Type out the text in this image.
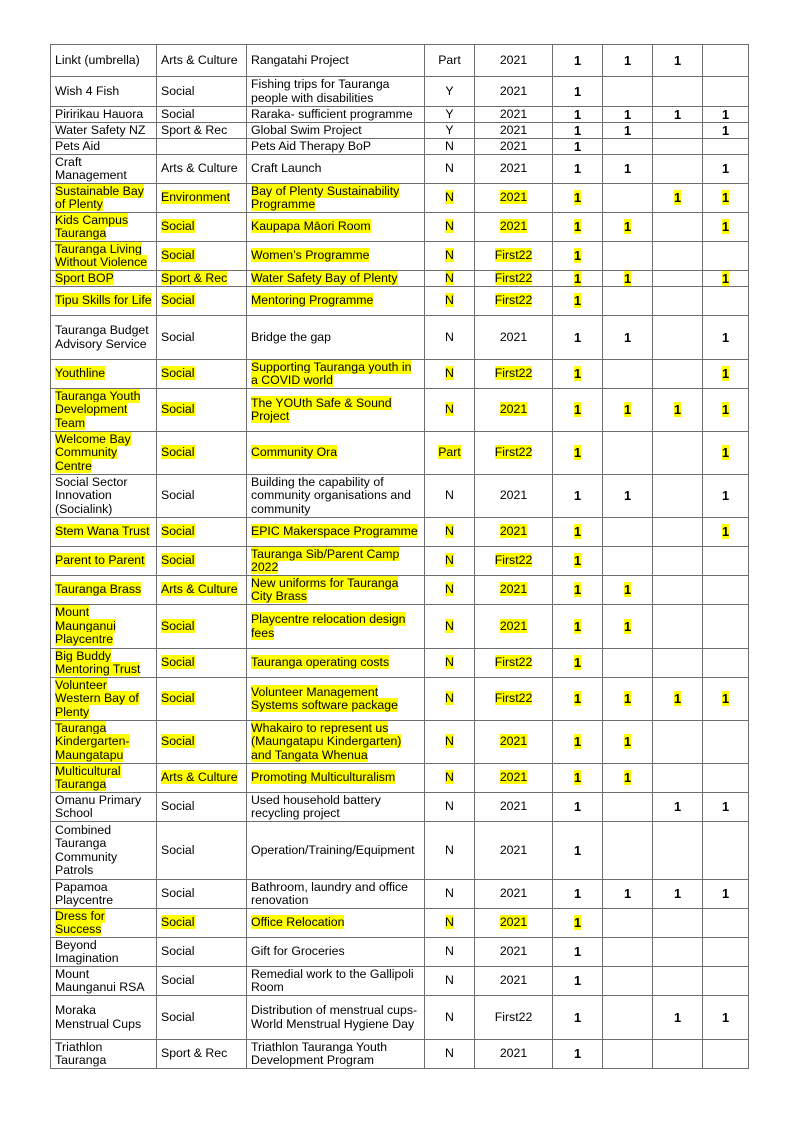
Linkt (umbrella)	Arts & Culture	Rangatahi Project	Part	2021	1	1	1	
Wish 4 Fish	Social	Fishing trips for Tauranga people with disabilities	Y	2021	1			
Piririkau Hauora	Social	Raraka- sufficient programme	Y	2021	1	1	1	1
Water Safety NZ	Sport & Rec	Global Swim Project	Y	2021	1	1		1
Pets Aid		Pets Aid Therapy BoP	N	2021	1			
Craft Management	Arts & Culture	Craft Launch	N	2021	1	1		1
Sustainable Bay of Plenty	Environment	Bay of Plenty Sustainability Programme	N	2021	1		1	1
Kids Campus Tauranga	Social	Kaupapa Māori Room	N	2021	1	1		1
Tauranga Living Without Violence	Social	Women’s Programme	N	First22	1			
Sport BOP	Sport & Rec	Water Safety Bay of Plenty	N	First22	1	1		1
Tipu Skills for Life	Social	Mentoring Programme	N	First22	1			
Tauranga Budget Advisory Service	Social	Bridge the gap	N	2021	1	1		1
Youthline	Social	Supporting Tauranga youth in a COVID world	N	First22	1			1
Tauranga Youth Development Team	Social	The YOUth Safe & Sound Project	N	2021	1	1	1	1
Welcome Bay Community Centre	Social	Community Ora	Part	First22	1			1
Social Sector Innovation (Socialink)	Social	Building the capability of community organisations and community	N	2021	1	1		1
Stem Wana Trust	Social	EPIC Makerspace Programme	N	2021	1			1
Parent to Parent	Social	Tauranga Sib/Parent Camp 2022	N	First22	1			
Tauranga Brass	Arts & Culture	New uniforms for Tauranga City Brass	N	2021	1	1		
Mount Maunganui Playcentre	Social	Playcentre relocation design fees	N	2021	1	1		
Big Buddy Mentoring Trust	Social	Tauranga operating costs	N	First22	1			
Volunteer Western Bay of Plenty	Social	Volunteer Management Systems software package	N	First22	1	1	1	1
Tauranga Kindergarten-Maungatapu	Social	Whakairo to represent us (Maungatapu Kindergarten) and Tangata Whenua	N	2021	1	1		
Multicultural Tauranga	Arts & Culture	Promoting Multiculturalism	N	2021	1	1		
Omanu Primary School	Social	Used household battery recycling project	N	2021	1		1	1
Combined Tauranga Community Patrols	Social	Operation/Training/Equipment	N	2021	1			
Papamoa Playcentre	Social	Bathroom, laundry and office renovation	N	2021	1	1	1	1
Dress for Success	Social	Office Relocation	N	2021	1			
Beyond Imagination	Social	Gift for Groceries	N	2021	1			
Mount Maunganui RSA	Social	Remedial work to the Gallipoli Room	N	2021	1			
Moraka Menstrual Cups	Social	Distribution of menstrual cups- World Menstrual Hygiene Day	N	First22	1		1	1
Triathlon Tauranga	Sport & Rec	Triathlon Tauranga Youth Development Program	N	2021	1			
